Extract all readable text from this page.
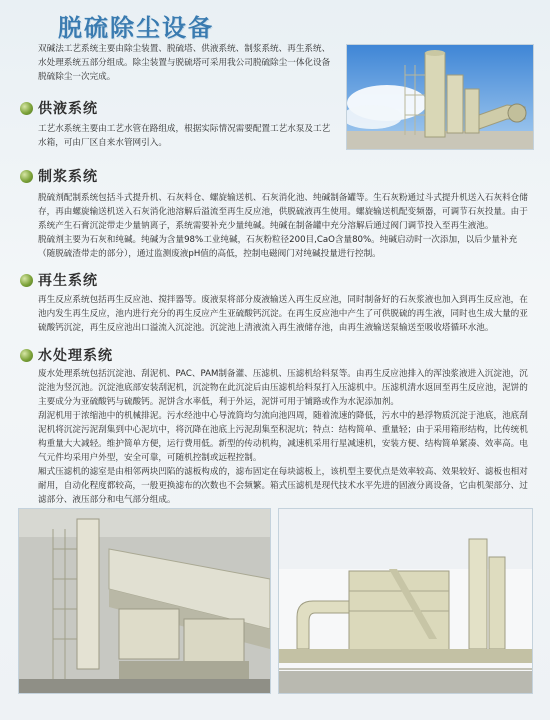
脱硫除尘设备
双碱法工艺系统主要由除尘装置、脱硫塔、供液系统、制浆系统、再生系统、水处理系统五部分组成。除尘装置与脱硫塔可采用我公司脱硫除尘一体化设备脱硫除尘一次完成。
供液系统

工艺水系统主要由工艺水管在路组成，根据实际情况需要配置工艺水泵及工艺水箱，可由厂区自来水管网引入。

制浆系统

脱硫剂配制系统包括斗式提升机、石灰料仓、螺旋输送机、石灰消化池、纯碱制备罐等。生石灰粉通过斗式提升机送入石灰料仓储存，再由螺旋输送机送入石灰消化池溶解后溢流至再生反应池，供脱硫液再生使用。螺旋输送机配变频器，可调节石灰投量。由于系统产生石膏沉淀带走少量钠离子，系统需要补充少量纯碱。纯碱在制备罐中充分溶解后通过阀门调节投入至再生液池。

脱硫剂主要为石灰和纯碱。纯碱为含量98%工业纯碱，石灰粉粒径200目,CaO含量80%。纯碱启动时一次添加，以后少量补充（随脱硫渣带走的部分），通过监测废液pH值的高低，控制电磁阀门对纯碱投量进行控制。

再生系统

再生反应系统包括再生反应池、搅拌器等。废液泵将部分废液输送入再生反应池，同时制备好的石灰浆液也加入到再生反应池，在池内发生再生反应，池内进行充分的再生反应产生亚硫酸钙沉淀。在再生反应池中产生了可供脱硫的再生液，同时也生成大量的亚硫酸钙沉淀，再生反应池出口溢流入沉淀池。沉淀池上清液流入再生液储存池，由再生液输送泵输送至吸收塔循环水池。

水处理系统

废水处理系统包括沉淀池、刮泥机、PAC、PAM制备灌、压滤机、压滤机给料泵等。由再生反应池排入的浑浊浆液进入沉淀池，沉淀池为竖沉池。沉淀池底部安装刮泥机，沉淀物在此沉淀后由压滤机给料泵打入压滤机中。压滤机清水返回至再生反应池，泥饼的主要成分为亚硫酸钙与硫酸钙。泥饼含水率低，利于外运，泥饼可用于铺路或作为水泥添加剂。

刮泥机用于浓缩池中的机械排泥。污水经池中心导流筒均匀流向池四周，随着流速的降低，污水中的悬浮物质沉淀于池底，池底刮泥机将沉淀污泥刮集到中心泥坑中，将沉降在池底上污泥刮集至积泥坑；特点：结构简单、重量轻；由于采用箱形结构，比传统机构重量大大减轻。维护简单方便，运行费用低。新型的传动机构，减速机采用行星减速机，安装方便、结构简单紧凑、效率高。电气元件均采用户外型，安全可靠，可随机控制或远程控制。

厢式压滤机的滤室是由相邻两块凹陷的滤板构成的，滤布固定在每块滤板上，该机型主要优点是效率较高、效果较好、滤板也相对耐用，自动化程度都较高，一般更换滤布的次数也不会频繁。箱式压滤机是现代技术水平先进的固液分离设备，它由机架部分、过滤部分、液压部分和电气部分组成。
